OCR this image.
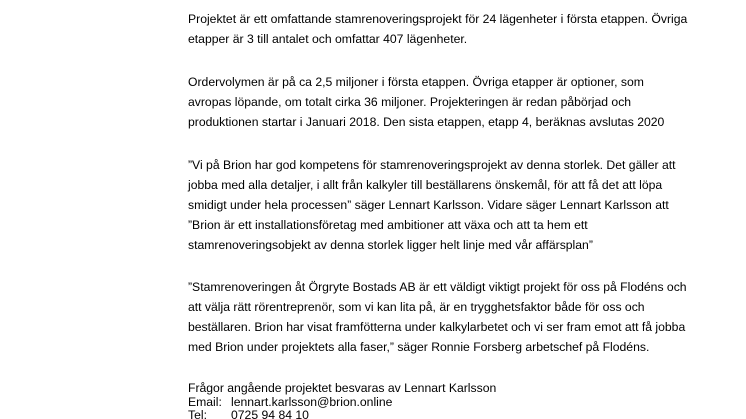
Projektet är ett omfattande stamrenoveringsprojekt för 24 lägenheter i första etappen. Övriga
etapper är 3 till antalet och omfattar 407 lägenheter.

Ordervolymen är på ca 2,5 miljoner i första etappen. Övriga etapper är optioner, som
avropas löpande, om totalt cirka 36 miljoner. Projekteringen är redan påbörjad och
produktionen startar i Januari 2018. Den sista etappen, etapp 4, beräknas avslutas 2020

”Vi på Brion har god kompetens för stamrenoveringsprojekt av denna storlek. Det gäller att
jobba med alla detaljer, i allt från kalkyler till beställarens önskemål, för att få det att löpa
smidigt under hela processen” säger Lennart Karlsson. Vidare säger Lennart Karlsson att
”Brion är ett installationsföretag med ambitioner att växa och att ta hem ett
stamrenoveringsobjekt av denna storlek ligger helt linje med vår affärsplan”

”Stamrenoveringen åt Örgryte Bostads AB är ett väldigt viktigt projekt för oss på Flodéns och
att välja rätt rörentreprenör, som vi kan lita på, är en trygghetsfaktor både för oss och
beställaren. Brion har visat framfötterna under kalkylarbetet och vi ser fram emot att få jobba
med Brion under projektets alla faser,” säger Ronnie Forsberg arbetschef på Flodéns.

Frågor angående projektet besvaras av Lennart Karlsson
Email: lennart.karlsson@brion.online
Tel: 0725 94 84 10
